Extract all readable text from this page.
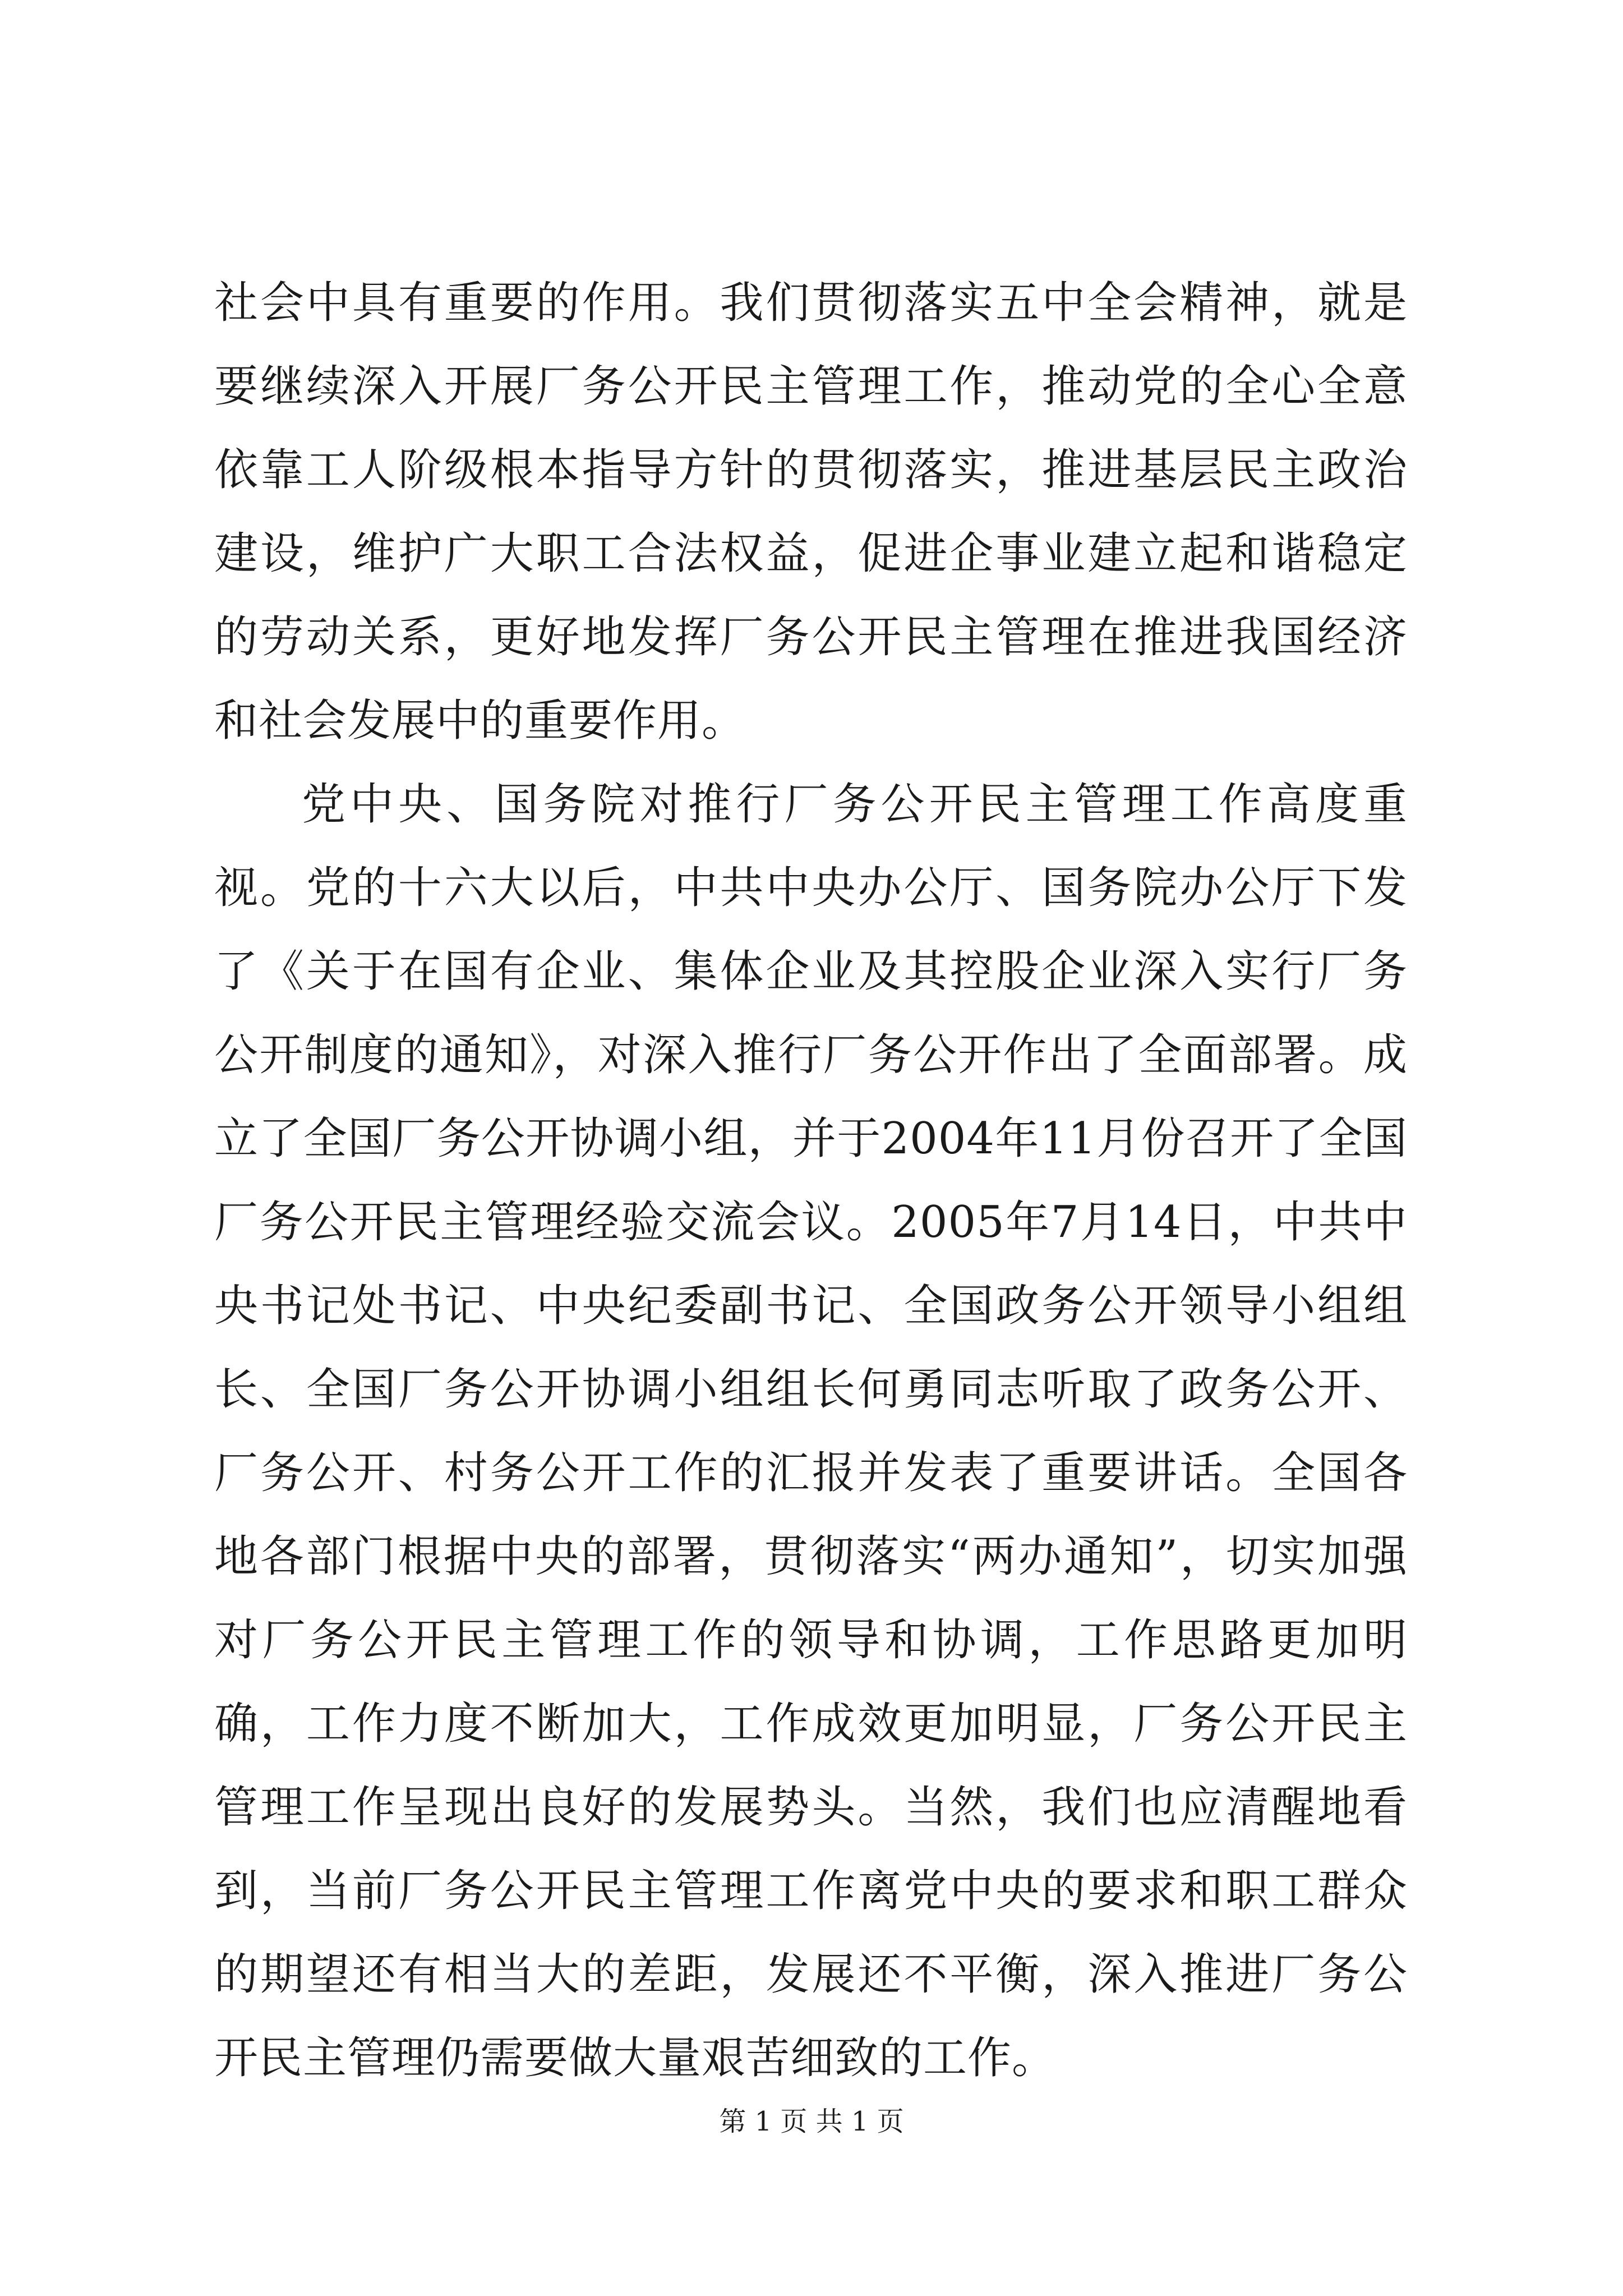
社会中具有重要的作用。我们贯彻落实五中全会精神，就是要继续深入开展厂务公开民主管理工作，推动党的全心全意依靠工人阶级根本指导方针的贯彻落实，推进基层民主政治建设，维护广大职工合法权益，促进企事业建立起和谐稳定的劳动关系，更好地发挥厂务公开民主管理在推进我国经济和社会发展中的重要作用。

党中央、国务院对推行厂务公开民主管理工作高度重视。党的十六大以后，中共中央办公厅、国务院办公厅下发了《关于在国有企业、集体企业及其控股企业深入实行厂务公开制度的通知》，对深入推行厂务公开作出了全面部署。成立了全国厂务公开协调小组，并于2004年11月份召开了全国厂务公开民主管理经验交流会议。2005年7月14日，中共中央书记处书记、中央纪委副书记、全国政务公开领导小组组长、全国厂务公开协调小组组长何勇同志听取了政务公开、厂务公开、村务公开工作的汇报并发表了重要讲话。全国各地各部门根据中央的部署，贯彻落实“两办通知”，切实加强对厂务公开民主管理工作的领导和协调，工作思路更加明确，工作力度不断加大，工作成效更加明显，厂务公开民主管理工作呈现出良好的发展势头。当然，我们也应清醒地看到，当前厂务公开民主管理工作离党中央的要求和职工群众的期望还有相当大的差距，发展还不平衡，深入推进厂务公开民主管理仍需要做大量艰苦细致的工作。

第 1 页 共 1 页
